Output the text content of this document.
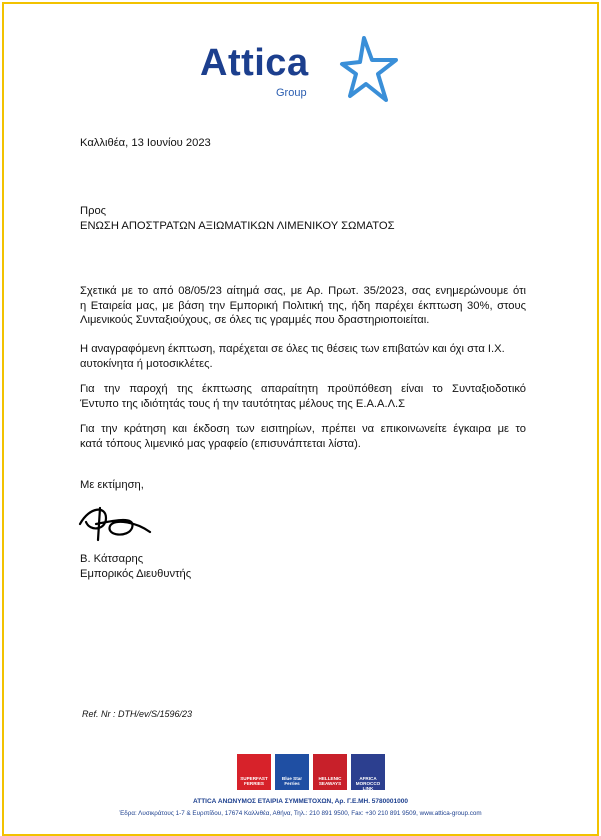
Attica
Group

Καλλιθέα, 13 Ιουνίου 2023

Προς

ΕΝΩΣΗ ΑΠΟΣΤΡΑΤΩΝ ΑΞΙΩΜΑΤΙΚΩΝ ΛΙΜΕΝΙΚΟΥ ΣΩΜΑΤΟΣ

Σχετικά με το από 08/05/23 αίτημά σας, με Αρ. Πρωτ. 35/2023, σας ενημερώνουμε ότι
η Εταιρεία μας, με βάση την Εμπορική Πολιτική της, ήδη παρέχει έκπτωση 30%, στους
Λιμενικούς Συνταξιούχους, σε όλες τις γραμμές που δραστηριοποιείται.
Η αναγραφόμενη έκπτωση, παρέχεται σε όλες τις θέσεις των επιβατών και όχι στα Ι.Χ.
αυτοκίνητα ή μοτοσικλέτες.
Για την παροχή της έκπτωσης απαραίτητη προϋπόθεση είναι το Συνταξιοδοτικό
Έντυπο της ιδιότητάς τους ή την ταυτότητας μέλους της Ε.Α.Α.Λ.Σ
Για την κράτηση και έκδοση των εισιτηρίων, πρέπει να επικοινωνείτε έγκαιρα με το
κατά τόπους λιμενικό μας γραφείο (επισυνάπτεται λίστα).

Με εκτίμηση,

Β. Κάτσαρης

Εμπορικός Διευθυντής

Ref. Nr : DTH/ev/S/1596/23

SUPERFAST FERRIES
Blue Star Ferries
HELLENIC SEAWAYS
AFRICA MOROCCO LINK
ATTICA ΑΝΩΝΥΜΟΣ ΕΤΑΙΡΙΑ ΣΥΜΜΕΤΟΧΩΝ, Αρ. Γ.Ε.ΜΗ. 5780001000
Έδρα: Λυσικράτους 1-7 & Ευριπίδου, 17674 Καλλιθέα, Αθήνα, Τηλ.: 210 891 9500, Fax: +30 210 891 9509, www.attica-group.com
